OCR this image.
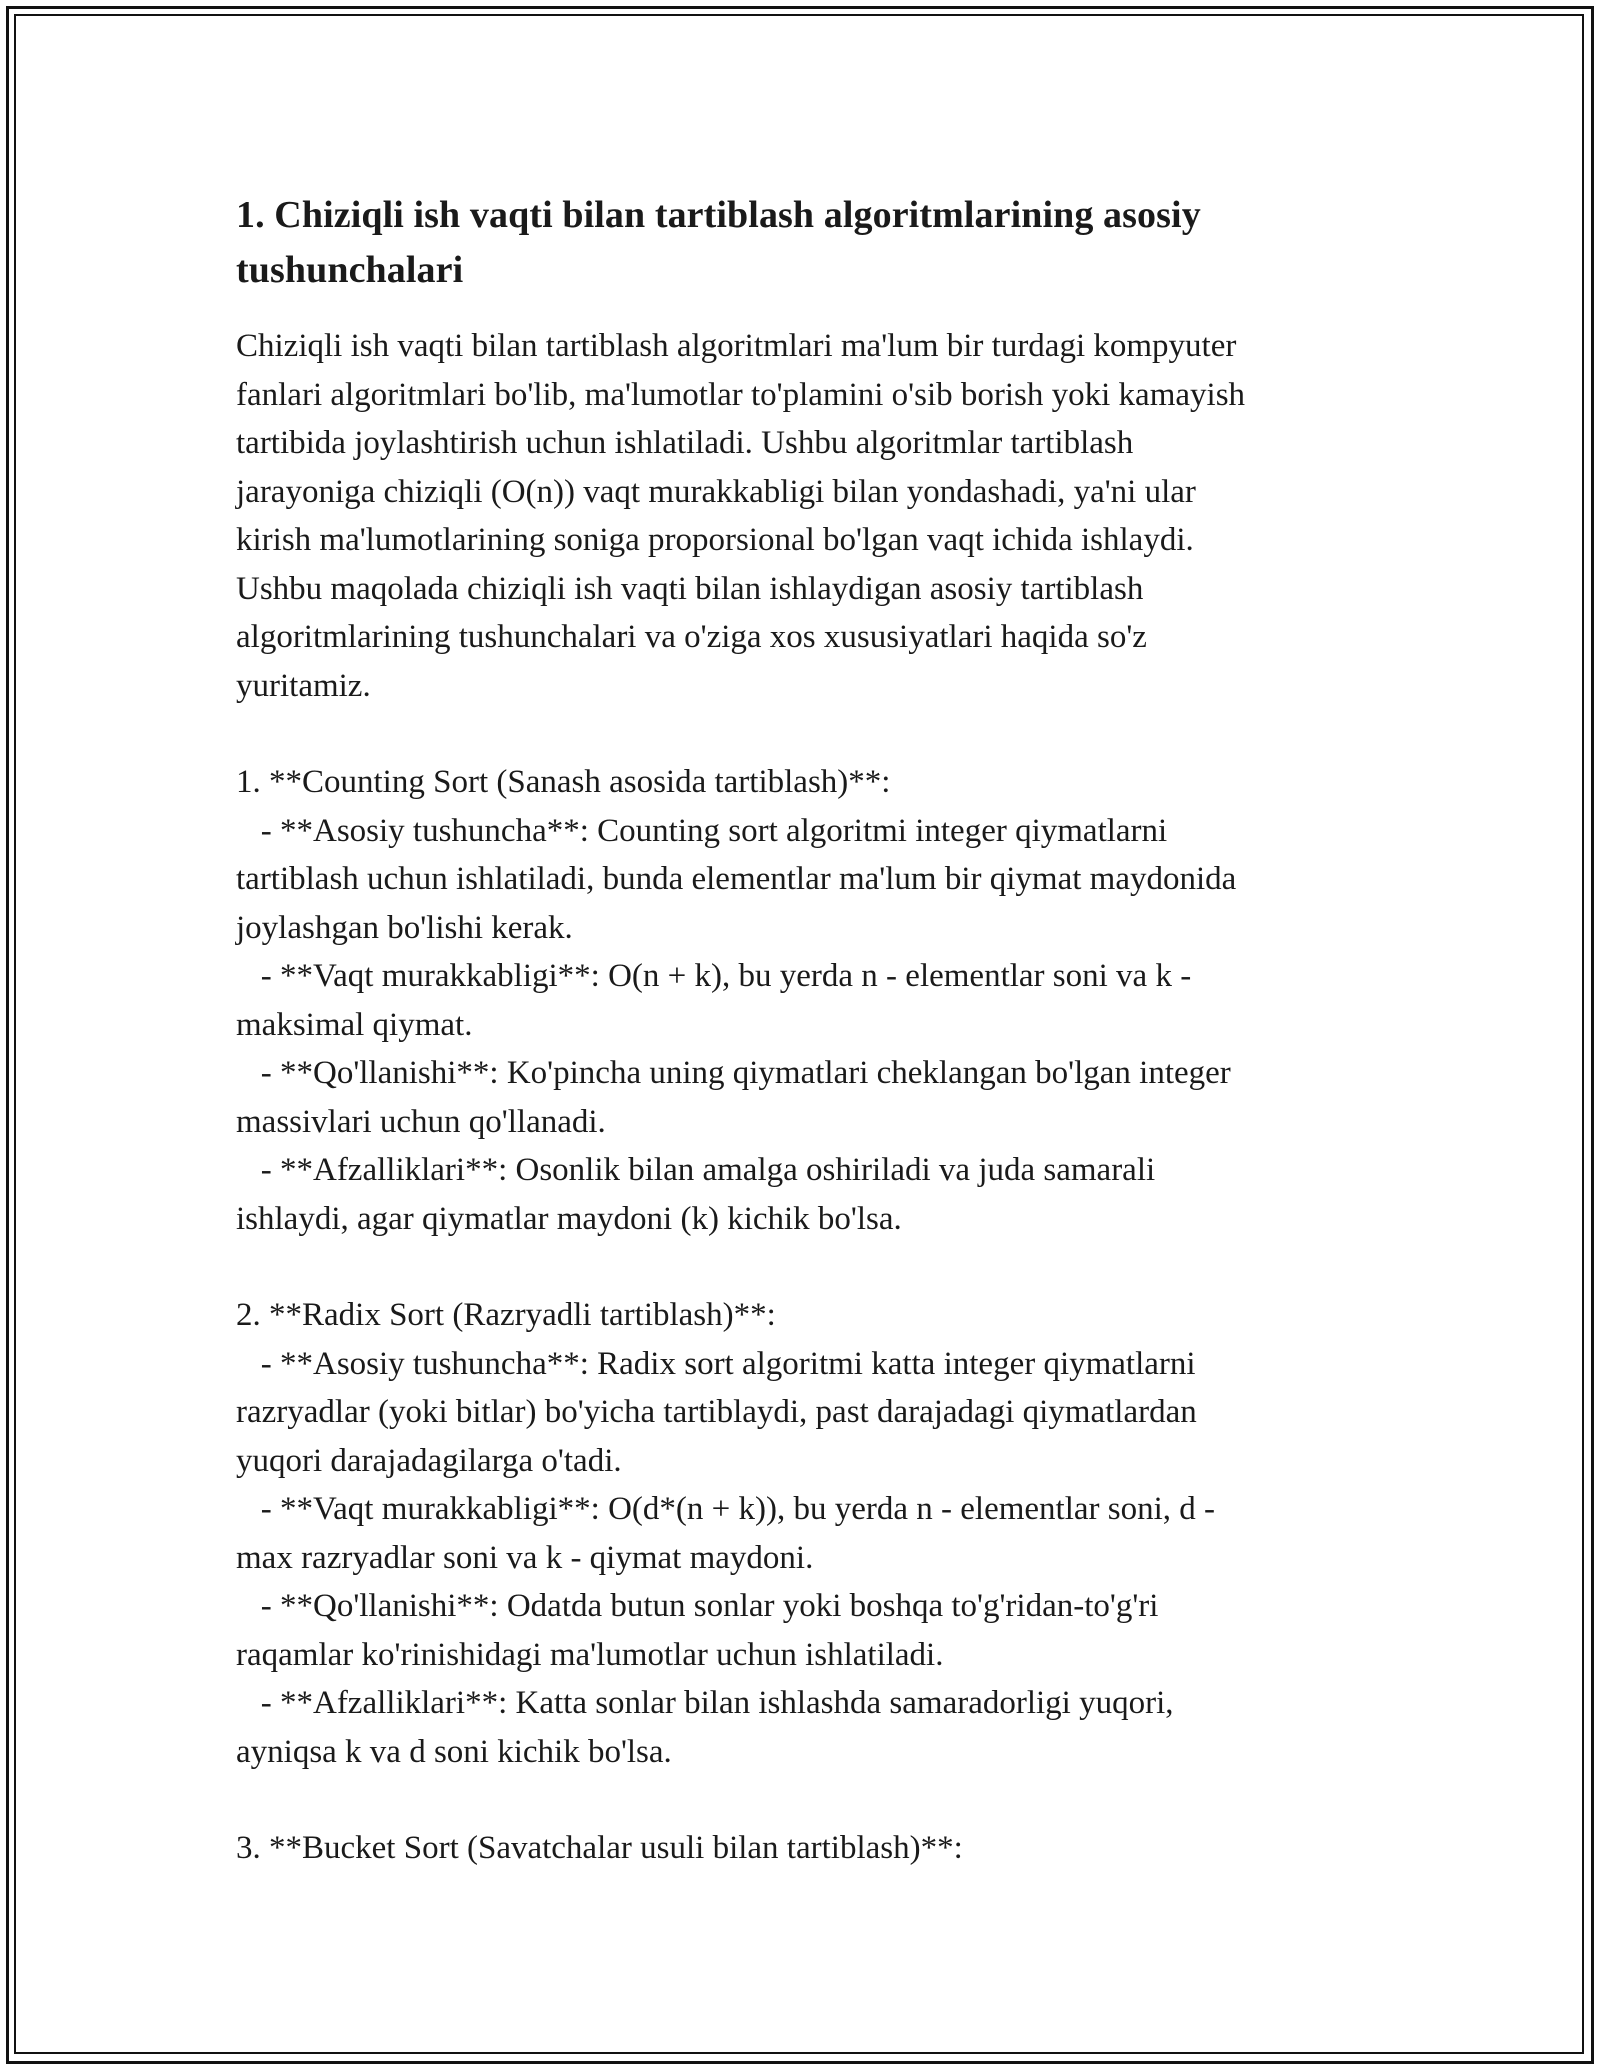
1. Chiziqli ish vaqti bilan tartiblash algoritmlarining asosiy tushunchalari
Chiziqli ish vaqti bilan tartiblash algoritmlari ma'lum bir turdagi kompyuter
fanlari algoritmlari bo'lib, ma'lumotlar to'plamini o'sib borish yoki kamayish
tartibida joylashtirish uchun ishlatiladi. Ushbu algoritmlar tartiblash
jarayoniga chiziqli (O(n)) vaqt murakkabligi bilan yondashadi, ya'ni ular
kirish ma'lumotlarining soniga proporsional bo'lgan vaqt ichida ishlaydi.
Ushbu maqolada chiziqli ish vaqti bilan ishlaydigan asosiy tartiblash
algoritmlarining tushunchalari va o'ziga xos xususiyatlari haqida so'z
yuritamiz.
1. **Counting Sort (Sanash asosida tartiblash)**:
- **Asosiy tushuncha**: Counting sort algoritmi integer qiymatlarni
tartiblash uchun ishlatiladi, bunda elementlar ma'lum bir qiymat maydonida
joylashgan bo'lishi kerak.
- **Vaqt murakkabligi**: O(n + k), bu yerda n - elementlar soni va k -
maksimal qiymat.
- **Qo'llanishi**: Ko'pincha uning qiymatlari cheklangan bo'lgan integer
massivlari uchun qo'llanadi.
- **Afzalliklari**: Osonlik bilan amalga oshiriladi va juda samarali
ishlaydi, agar qiymatlar maydoni (k) kichik bo'lsa.
2. **Radix Sort (Razryadli tartiblash)**:
- **Asosiy tushuncha**: Radix sort algoritmi katta integer qiymatlarni
razryadlar (yoki bitlar) bo'yicha tartiblaydi, past darajadagi qiymatlardan
yuqori darajadagilarga o'tadi.
- **Vaqt murakkabligi**: O(d*(n + k)), bu yerda n - elementlar soni, d -
max razryadlar soni va k - qiymat maydoni.
- **Qo'llanishi**: Odatda butun sonlar yoki boshqa to'g'ridan-to'g'ri
raqamlar ko'rinishidagi ma'lumotlar uchun ishlatiladi.
- **Afzalliklari**: Katta sonlar bilan ishlashda samaradorligi yuqori,
ayniqsa k va d soni kichik bo'lsa.
3. **Bucket Sort (Savatchalar usuli bilan tartiblash)**:
